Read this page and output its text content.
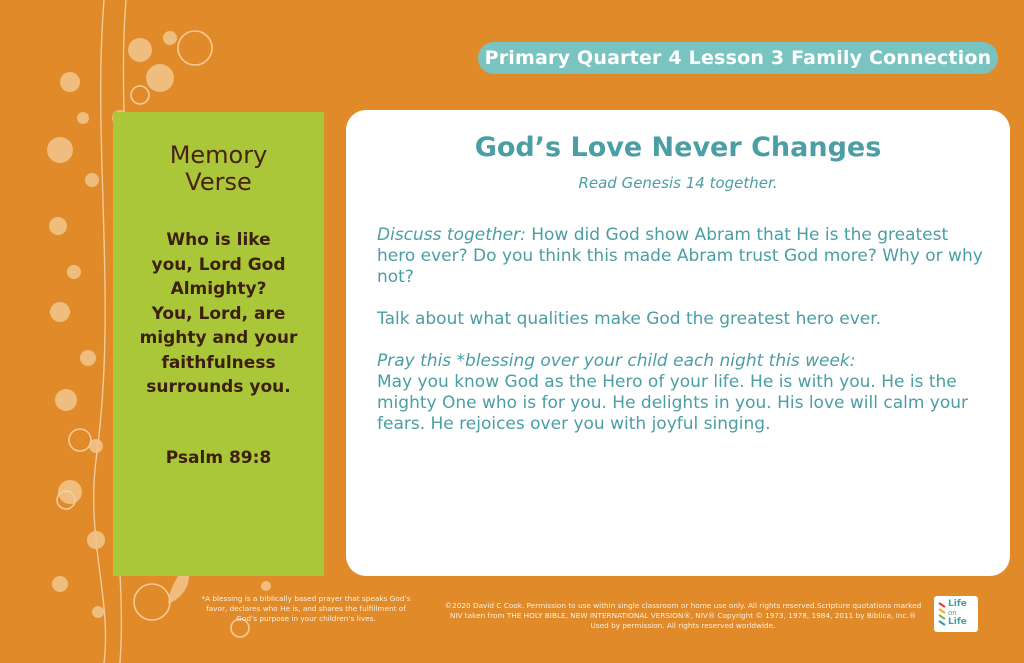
Primary Quarter 4 Lesson 3 Family Connection
Memory
Verse
Who is like
you, Lord God
Almighty?
You, Lord, are
mighty and your
faithfulness
surrounds you.
Psalm 89:8
God’s Love Never Changes
Read Genesis 14 together.

Discuss together: How did God show Abram that He is the greatest hero ever? Do you think this made Abram trust God more? Why or why not?

Talk about what qualities make God the greatest hero ever.

Pray this *blessing over your child each night this week:
May you know God as the Hero of your life. He is with you. He is the mighty One who is for you. He delights in you. His love will calm your fears. He rejoices over you with joyful singing.

*A blessing is a biblically based prayer that speaks God’s favor, declares who He is, and shares the fulfillment of God’s purpose in your children’s lives.
©2020 David C Cook. Permission to use within single classroom or home use only. All rights reserved.Scripture quotations marked NIV taken from THE HOLY BIBLE, NEW INTERNATIONAL VERSION®, NIV® Copyright © 1973, 1978, 1984, 2011 by Biblica, Inc.® Used by permission. All rights reserved worldwide.
Life
on
Life
